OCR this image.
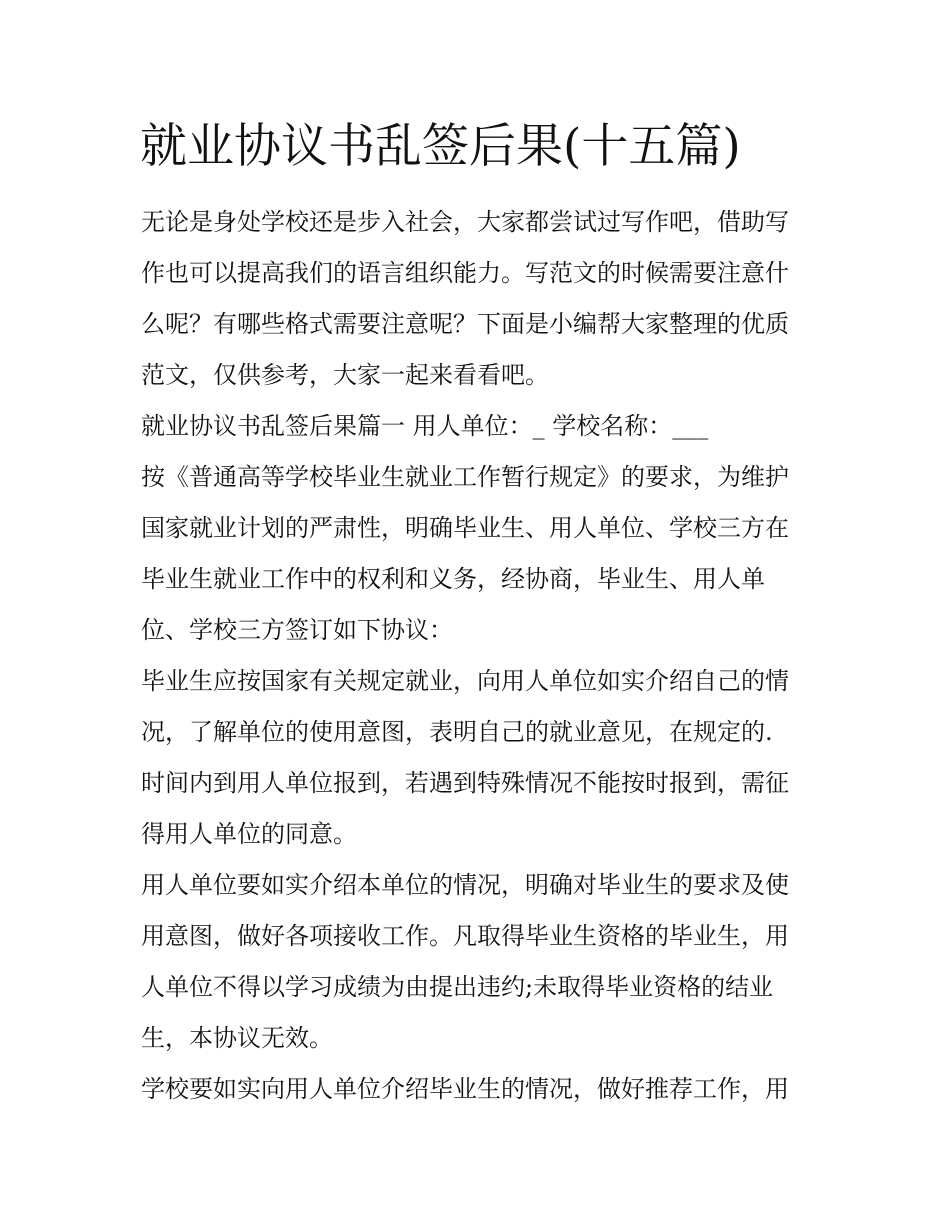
就业协议书乱签后果(十五篇)
无论是身处学校还是步入社会，大家都尝试过写作吧，借助写
作也可以提高我们的语言组织能力。写范文的时候需要注意什
么呢？有哪些格式需要注意呢？下面是小编帮大家整理的优质
范文，仅供参考，大家一起来看看吧。
就业协议书乱签后果篇一 用人单位：_ 学校名称：___
按《普通高等学校毕业生就业工作暂行规定》的要求，为维护
国家就业计划的严肃性，明确毕业生、用人单位、学校三方在
毕业生就业工作中的权利和义务，经协商，毕业生、用人单
位、学校三方签订如下协议：
毕业生应按国家有关规定就业，向用人单位如实介绍自己的情
况，了解单位的使用意图，表明自己的就业意见，在规定的.
时间内到用人单位报到，若遇到特殊情况不能按时报到，需征
得用人单位的同意。
用人单位要如实介绍本单位的情况，明确对毕业生的要求及使
用意图，做好各项接收工作。凡取得毕业生资格的毕业生，用
人单位不得以学习成绩为由提出违约;未取得毕业资格的结业
生，本协议无效。
学校要如实向用人单位介绍毕业生的情况，做好推荐工作，用
